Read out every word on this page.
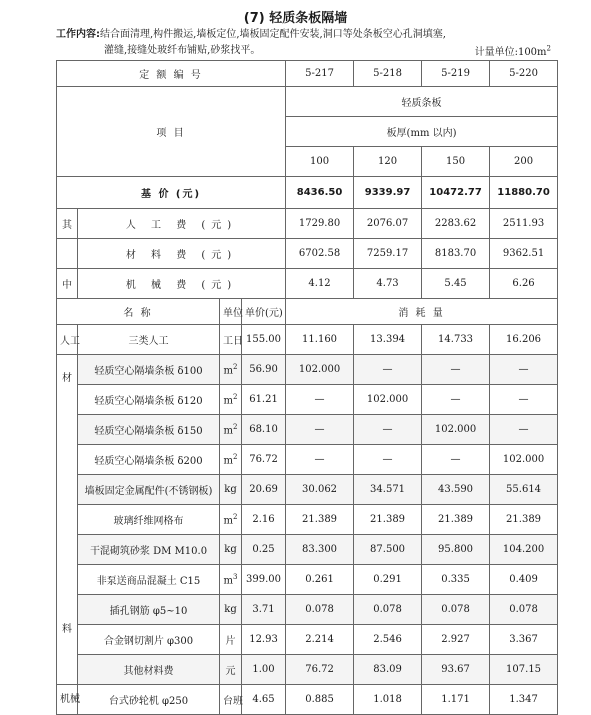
(7) 轻质条板隔墙
工作内容:结合面清理,构件搬运,墙板定位,墙板固定配件安装,洞口等处条板空心孔洞填塞,
灌缝,接缝处玻纤布铺贴,砂浆找平。	计量单位$:100m^2$
定 额 编 号				5-217	5-218	5-219	5-220
项 目				轻质条板			
				板厚(mm 以内)			
				100	120	150	200
基 价 (元)				8436.50	9339.97	10472.77	11880.70
其	人 工 费 (元)			1729.80	2076.07	2283.62	2511.93
	材 料 费 (元)			6702.58	7259.17	8183.70	9362.51
中	机 械 费 (元)			4.12	4.73	5.45	6.26
名 称		单位	单价(元)	消 耗 量			
人工	三类人工	工日	155.00	11.160	13.394	14.733	16.206

材
料	轻质空心隔墙条板 δ100	$m^2$	56.90	102.000	—	—	—
	轻质空心隔墙条板 δ120	$m^2$	61.21	—	102.000	—	—
	轻质空心隔墙条板 δ150	$m^2$	68.10	—	—	102.000	—
	轻质空心隔墙条板 δ200	$m^2$	76.72	—	—	—	102.000
	墙板固定金属配件(不锈钢板)	kg	20.69	30.062	34.571	43.590	55.614
	玻璃纤维网格布	$m^2$	2.16	21.389	21.389	21.389	21.389
	干混砌筑砂浆 DM M10.0	kg	0.25	83.300	87.500	95.800	104.200
	非泵送商品混凝土 C15	$m^3$	399.00	0.261	0.291	0.335	0.409
	插孔钢筋 φ5~10	kg	3.71	0.078	0.078	0.078	0.078
	合金钢切割片 φ300	片	12.93	2.214	2.546	2.927	3.367
	其他材料费	元	1.00	76.72	83.09	93.67	107.15
机械	台式砂轮机 φ250	台班	4.65	0.885	1.018	1.171	1.347
